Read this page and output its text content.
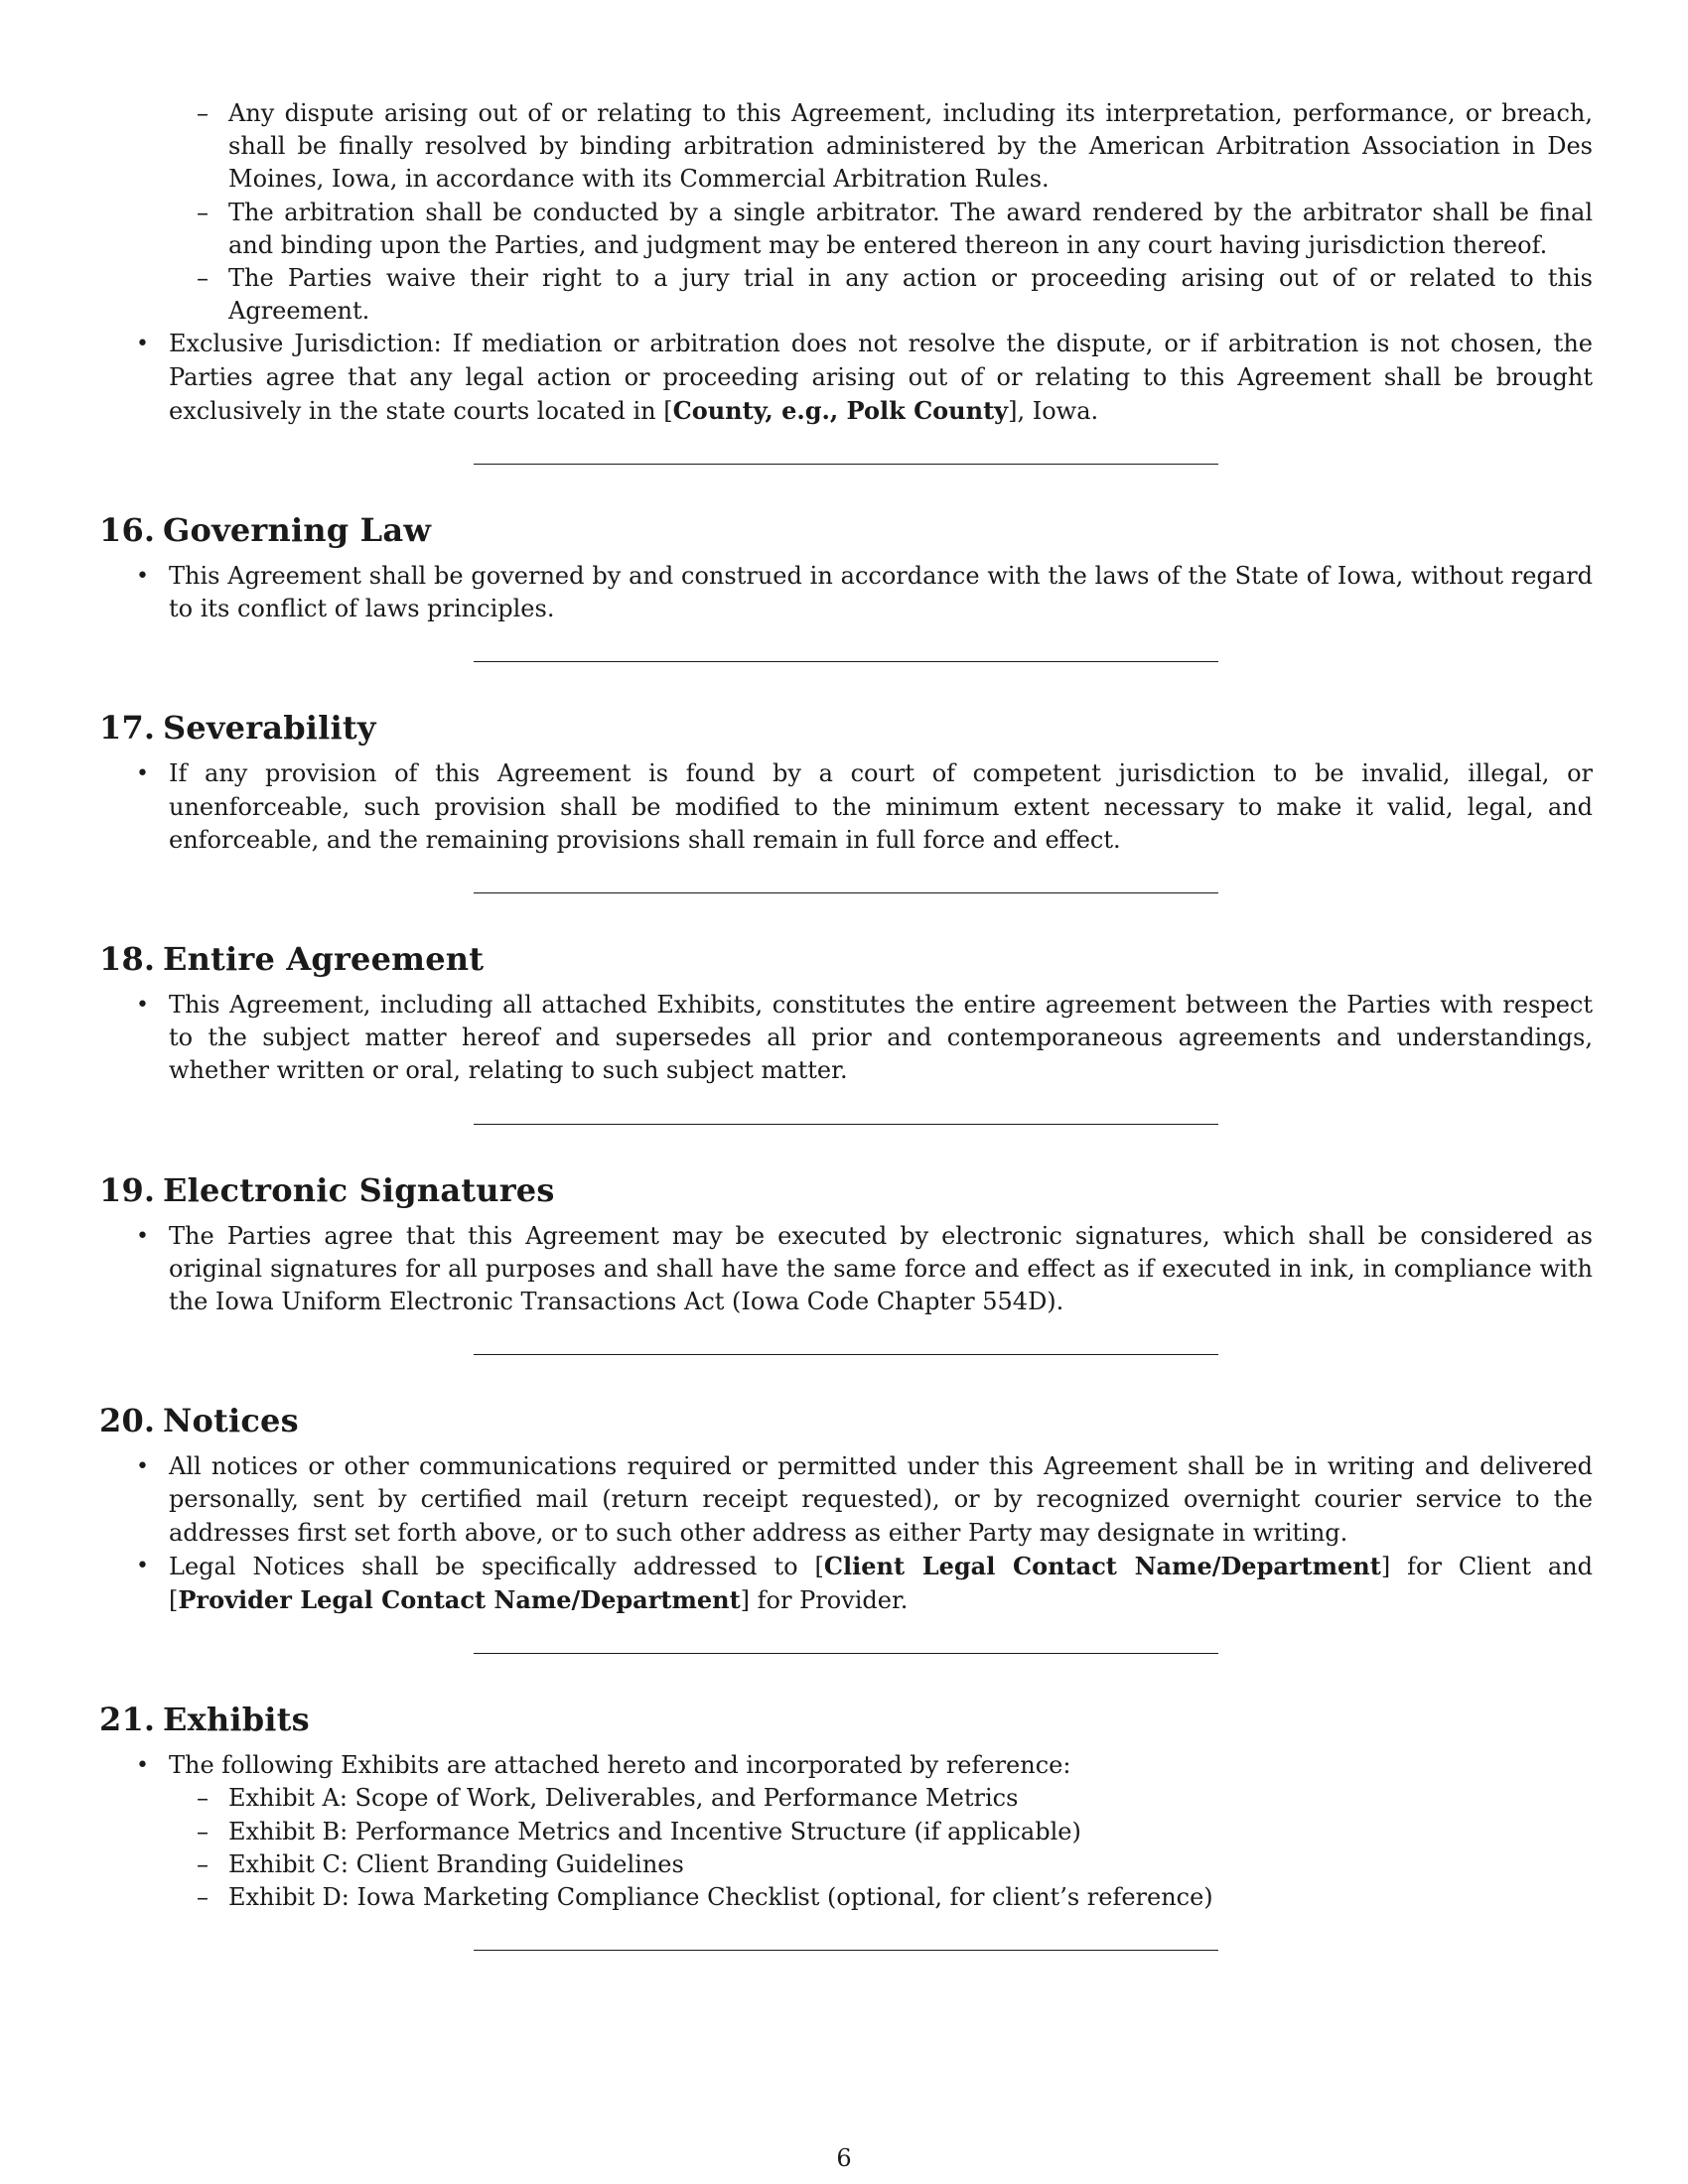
– Any dispute arising out of or relating to this Agreement, including its interpretation, performance, or breach, shall be finally resolved by binding arbitration administered by the American Arbitration Association in Des Moines, Iowa, in accordance with its Commercial Arbitration Rules.

– The arbitration shall be conducted by a single arbitrator. The award rendered by the arbitrator shall be final and binding upon the Parties, and judgment may be entered thereon in any court having jurisdiction thereof.

– The Parties waive their right to a jury trial in any action or proceeding arising out of or related to this Agreement.

• Exclusive Jurisdiction: If mediation or arbitration does not resolve the dispute, or if arbitration is not chosen, the Parties agree that any legal action or proceeding arising out of or relating to this Agreement shall be brought exclusively in the state courts located in [County, e.g., Polk County], Iowa.

16. Governing Law

• This Agreement shall be governed by and construed in accordance with the laws of the State of Iowa, without regard to its conflict of laws principles.

17. Severability

• If any provision of this Agreement is found by a court of competent jurisdiction to be invalid, illegal, or unenforceable, such provision shall be modified to the minimum extent necessary to make it valid, legal, and enforceable, and the remaining provisions shall remain in full force and effect.

18. Entire Agreement

• This Agreement, including all attached Exhibits, constitutes the entire agreement between the Parties with respect to the subject matter hereof and supersedes all prior and contemporaneous agreements and understandings, whether written or oral, relating to such subject matter.

19. Electronic Signatures

• The Parties agree that this Agreement may be executed by electronic signatures, which shall be considered as original signatures for all purposes and shall have the same force and effect as if executed in ink, in compliance with the Iowa Uniform Electronic Transactions Act (Iowa Code Chapter 554D).

20. Notices

• All notices or other communications required or permitted under this Agreement shall be in writing and delivered personally, sent by certified mail (return receipt requested), or by recognized overnight courier service to the addresses first set forth above, or to such other address as either Party may designate in writing.

• Legal Notices shall be specifically addressed to [Client Legal Contact Name/Department] for Client and [Provider Legal Contact Name/Department] for Provider.

21. Exhibits

• The following Exhibits are attached hereto and incorporated by reference:

– Exhibit A: Scope of Work, Deliverables, and Performance Metrics

– Exhibit B: Performance Metrics and Incentive Structure (if applicable)

– Exhibit C: Client Branding Guidelines

– Exhibit D: Iowa Marketing Compliance Checklist (optional, for client’s reference)

6
